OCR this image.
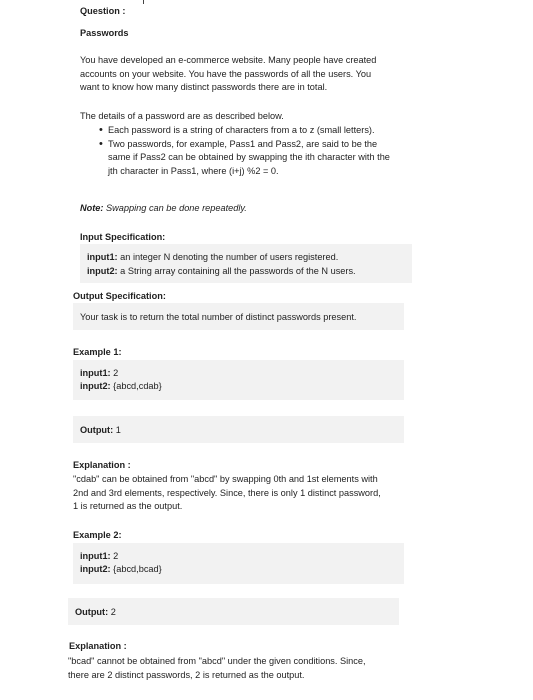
Question :
Passwords
You have developed an e-commerce website. Many people have created
accounts on your website. You have the passwords of all the users. You
want to know how many distinct passwords there are in total.
The details of a password are as described below.
• Each password is a string of characters from a to z (small letters).
• Two passwords, for example, Pass1 and Pass2, are said to be the
same if Pass2 can be obtained by swapping the ith character with the
jth character in Pass1, where (i+j) %2 = 0.
Note: Swapping can be done repeatedly.
Input Specification:
input1: an integer N denoting the number of users registered.
input2: a String array containing all the passwords of the N users.
Output Specification:
Your task is to return the total number of distinct passwords present.
Example 1:
input1: 2
input2: {abcd,cdab}
Output: 1
Explanation :
"cdab" can be obtained from "abcd" by swapping 0th and 1st elements with
2nd and 3rd elements, respectively. Since, there is only 1 distinct password,
1 is returned as the output.
Example 2:
input1: 2
input2: {abcd,bcad}
Output: 2
Explanation :
"bcad" cannot be obtained from "abcd" under the given conditions. Since,
there are 2 distinct passwords, 2 is returned as the output.
